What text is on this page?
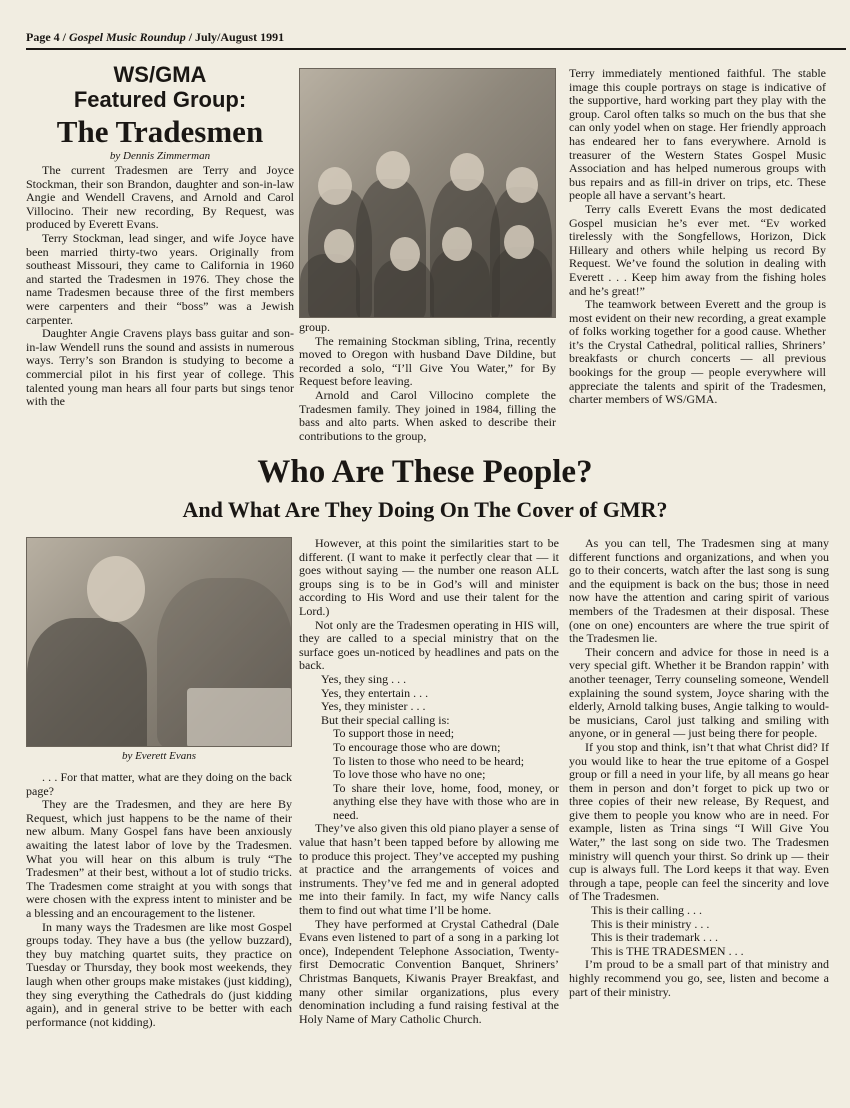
Page 4 / Gospel Music Roundup / July/August 1991
WS/GMA
Featured Group:
The Tradesmen
by Dennis Zimmerman

The current Tradesmen are Terry and Joyce Stockman, their son Brandon, daughter and son-in-law Angie and Wendell Cravens, and Arnold and Carol Villocino. Their new recording, By Request, was produced by Everett Evans.

Terry Stockman, lead singer, and wife Joyce have been married thirty-two years. Originally from southeast Missouri, they came to California in 1960 and started the Tradesmen in 1976. They chose the name Tradesmen because three of the first members were carpenters and their “boss” was a Jewish carpenter.

Daughter Angie Cravens plays bass guitar and son-in-law Wendell runs the sound and assists in numerous ways. Terry’s son Brandon is studying to become a commercial pilot in his first year of college. This talented young man hears all four parts but sings tenor with the

group.

The remaining Stockman sibling, Trina, recently moved to Oregon with husband Dave Dildine, but recorded a solo, “I’ll Give You Water,” for By Request before leaving.

Arnold and Carol Villocino complete the Tradesmen family. They joined in 1984, filling the bass and alto parts. When asked to describe their contributions to the group,

Terry immediately mentioned faithful. The stable image this couple portrays on stage is indicative of the supportive, hard working part they play with the group. Carol often talks so much on the bus that she can only yodel when on stage. Her friendly approach has endeared her to fans everywhere. Arnold is treasurer of the Western States Gospel Music Association and has helped numerous groups with bus repairs and as fill-in driver on trips, etc. These people all have a servant’s heart.

Terry calls Everett Evans the most dedicated Gospel musician he’s ever met. “Ev worked tirelessly with the Songfellows, Horizon, Dick Hilleary and others while helping us record By Request. We’ve found the solution in dealing with Everett . . . Keep him away from the fishing holes and he’s great!”

The teamwork between Everett and the group is most evident on their new recording, a great example of folks working together for a good cause. Whether it’s the Crystal Cathedral, political rallies, Shriners’ breakfasts or church concerts — all previous bookings for the group — people everywhere will appreciate the talents and spirit of the Tradesmen, charter members of WS/GMA.

Who Are These People?
And What Are They Doing On The Cover of GMR?
by Everett Evans

. . . For that matter, what are they doing on the back page?

They are the Tradesmen, and they are here By Request, which just happens to be the name of their new album. Many Gospel fans have been anxiously awaiting the latest labor of love by the Tradesmen. What you will hear on this album is truly “The Tradesmen” at their best, without a lot of studio tricks. The Tradesmen come straight at you with songs that were chosen with the express intent to minister and be a blessing and an encouragement to the listener.

In many ways the Tradesmen are like most Gospel groups today. They have a bus (the yellow buzzard), they buy matching quartet suits, they practice on Tuesday or Thursday, they book most weekends, they laugh when other groups make mistakes (just kidding), they sing everything the Cathedrals do (just kidding again), and in general strive to be better with each performance (not kidding).

However, at this point the similarities start to be different. (I want to make it perfectly clear that — it goes without saying — the number one reason ALL groups sing is to be in God’s will and minister according to His Word and use their talent for the Lord.)

Not only are the Tradesmen operating in HIS will, they are called to a special ministry that on the surface goes un-noticed by headlines and pats on the back.

Yes, they sing . . .

Yes, they entertain . . .

Yes, they minister . . .

But their special calling is:

To support those in need;

To encourage those who are down;

To listen to those who need to be heard;

To love those who have no one;

To share their love, home, food, money, or anything else they have with those who are in need.

They’ve also given this old piano player a sense of value that hasn’t been tapped before by allowing me to produce this project. They’ve accepted my pushing at practice and the arrangements of voices and instruments. They’ve fed me and in general adopted me into their family. In fact, my wife Nancy calls them to find out what time I’ll be home.

They have performed at Crystal Cathedral (Dale Evans even listened to part of a song in a parking lot once), Independent Telephone Association, Twenty-first Democratic Convention Banquet, Shriners’ Christmas Banquets, Kiwanis Prayer Breakfast, and many other similar organizations, plus every denomination including a fund raising festival at the Holy Name of Mary Catholic Church.

As you can tell, The Tradesmen sing at many different functions and organizations, and when you go to their concerts, watch after the last song is sung and the equipment is back on the bus; those in need now have the attention and caring spirit of various members of the Tradesmen at their disposal. These (one on one) encounters are where the true spirit of the Tradesmen lie.

Their concern and advice for those in need is a very special gift. Whether it be Brandon rappin’ with another teenager, Terry counseling someone, Wendell explaining the sound system, Joyce sharing with the elderly, Arnold talking buses, Angie talking to would-be musicians, Carol just talking and smiling with anyone, or in general — just being there for people.

If you stop and think, isn’t that what Christ did? If you would like to hear the true epitome of a Gospel group or fill a need in your life, by all means go hear them in person and don’t forget to pick up two or three copies of their new release, By Request, and give them to people you know who are in need. For example, listen as Trina sings “I Will Give You Water,” the last song on side two. The Tradesmen ministry will quench your thirst. So drink up — their cup is always full. The Lord keeps it that way. Even through a tape, people can feel the sincerity and love of The Tradesmen.

This is their calling . . .

This is their ministry . . .

This is their trademark . . .

This is THE TRADESMEN . . .

I’m proud to be a small part of that ministry and highly recommend you go, see, listen and become a part of their ministry.
